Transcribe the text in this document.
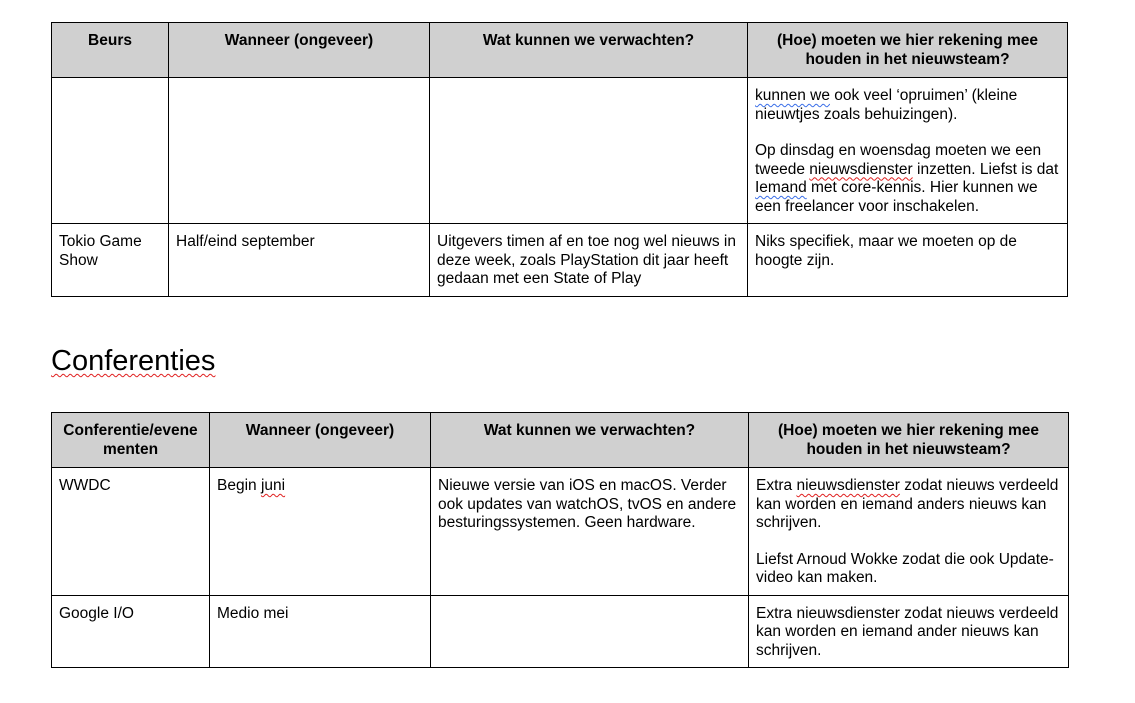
Beurs	Wanneer (ongeveer)	Wat kunnen we verwachten?	(Hoe) moeten we hier rekening mee houden in het nieuwsteam?

			kunnen we ook veel ‘opruimen’ (kleine nieuwtjes zoals behuizingen).

Op dinsdag en woensdag moeten we een tweede nieuwsdienster inzetten. Liefst is dat Iemand met core-kennis. Hier kunnen we een freelancer voor inschakelen.

Tokio Game Show	Half/eind september	Uitgevers timen af en toe nog wel nieuws in deze week, zoals PlayStation dit jaar heeft gedaan met een State of Play	Niks specifiek, maar we moeten op de hoogte zijn.
Conferenties
Conferentie/evenementen	Wanneer (ongeveer)	Wat kunnen we verwachten?	(Hoe) moeten we hier rekening mee houden in het nieuwsteam?
WWDC	Begin juni	Nieuwe versie van iOS en macOS. Verder ook updates van watchOS, tvOS en andere besturingssystemen. Geen hardware.	Extra nieuwsdienster zodat nieuws verdeeld kan worden en iemand anders nieuws kan schrijven.

Liefst Arnoud Wokke zodat die ook Update-video kan maken.

Google I/O	Medio mei		Extra nieuwsdienster zodat nieuws verdeeld kan worden en iemand ander nieuws kan schrijven.
